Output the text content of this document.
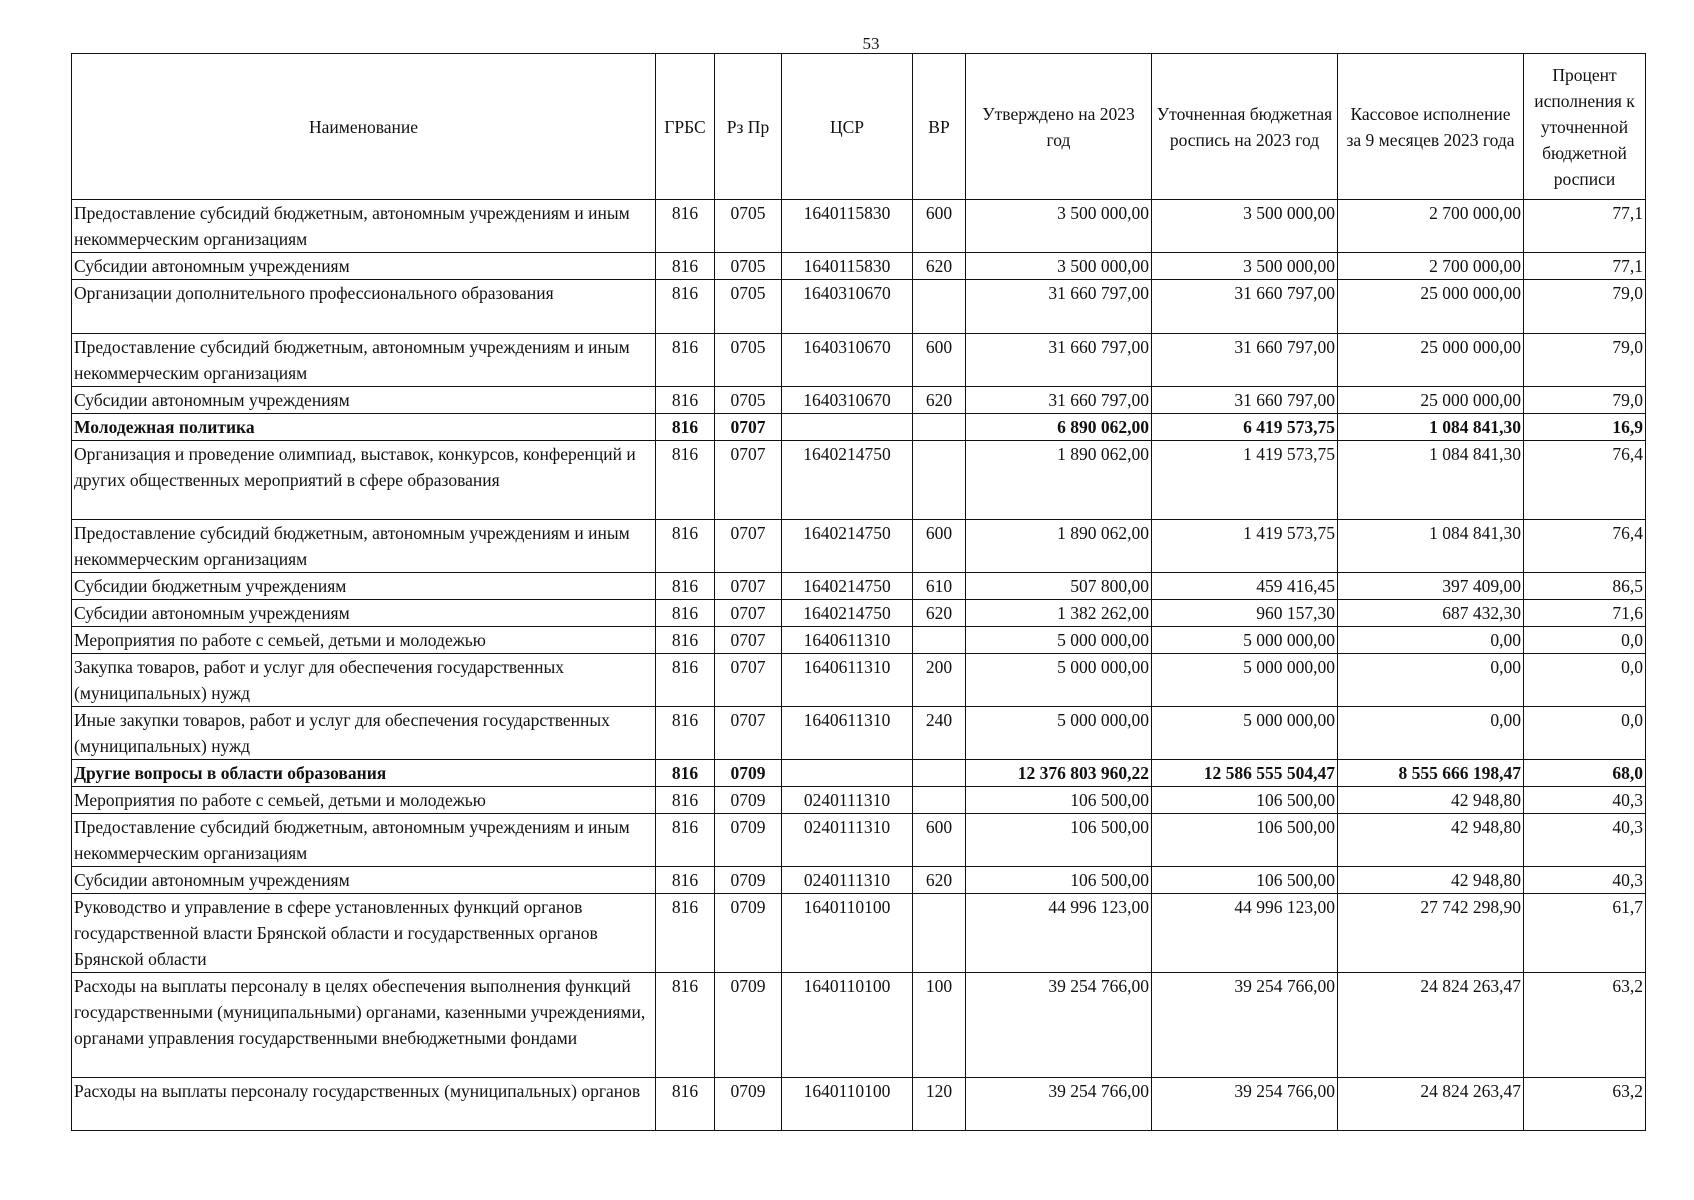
53
Наименование	ГРБС	Рз Пр	ЦСР	ВР	Утверждено на 2023 год	Уточненная бюджетная роспись на 2023 год	Кассовое исполнение за 9 месяцев 2023 года	Процент исполнения к уточненной бюджетной росписи
Предоставление субсидий бюджетным, автономным учреждениям и иным некоммерческим организациям	816	0705	1640115830	600	3 500 000,00	3 500 000,00	2 700 000,00	77,1
Субсидии автономным учреждениям	816	0705	1640115830	620	3 500 000,00	3 500 000,00	2 700 000,00	77,1
Организации дополнительного профессионального образования	816	0705	1640310670		31 660 797,00	31 660 797,00	25 000 000,00	79,0
Предоставление субсидий бюджетным, автономным учреждениям и иным некоммерческим организациям	816	0705	1640310670	600	31 660 797,00	31 660 797,00	25 000 000,00	79,0
Субсидии автономным учреждениям	816	0705	1640310670	620	31 660 797,00	31 660 797,00	25 000 000,00	79,0
Молодежная политика	816	0707			6 890 062,00	6 419 573,75	1 084 841,30	16,9
Организация и проведение олимпиад, выставок, конкурсов, конференций и других общественных мероприятий в сфере образования	816	0707	1640214750		1 890 062,00	1 419 573,75	1 084 841,30	76,4
Предоставление субсидий бюджетным, автономным учреждениям и иным некоммерческим организациям	816	0707	1640214750	600	1 890 062,00	1 419 573,75	1 084 841,30	76,4
Субсидии бюджетным учреждениям	816	0707	1640214750	610	507 800,00	459 416,45	397 409,00	86,5
Субсидии автономным учреждениям	816	0707	1640214750	620	1 382 262,00	960 157,30	687 432,30	71,6
Мероприятия по работе с семьей, детьми и молодежью	816	0707	1640611310		5 000 000,00	5 000 000,00	0,00	0,0
Закупка товаров, работ и услуг для обеспечения государственных (муниципальных) нужд	816	0707	1640611310	200	5 000 000,00	5 000 000,00	0,00	0,0
Иные закупки товаров, работ и услуг для обеспечения государственных (муниципальных) нужд	816	0707	1640611310	240	5 000 000,00	5 000 000,00	0,00	0,0
Другие вопросы в области образования	816	0709			12 376 803 960,22	12 586 555 504,47	8 555 666 198,47	68,0
Мероприятия по работе с семьей, детьми и молодежью	816	0709	0240111310		106 500,00	106 500,00	42 948,80	40,3
Предоставление субсидий бюджетным, автономным учреждениям и иным некоммерческим организациям	816	0709	0240111310	600	106 500,00	106 500,00	42 948,80	40,3
Субсидии автономным учреждениям	816	0709	0240111310	620	106 500,00	106 500,00	42 948,80	40,3
Руководство и управление в сфере установленных функций органов государственной власти Брянской области и государственных органов Брянской области	816	0709	1640110100		44 996 123,00	44 996 123,00	27 742 298,90	61,7
Расходы на выплаты персоналу в целях обеспечения выполнения функций государственными (муниципальными) органами, казенными учреждениями, органами управления государственными внебюджетными фондами	816	0709	1640110100	100	39 254 766,00	39 254 766,00	24 824 263,47	63,2
Расходы на выплаты персоналу государственных (муниципальных) органов	816	0709	1640110100	120	39 254 766,00	39 254 766,00	24 824 263,47	63,2
